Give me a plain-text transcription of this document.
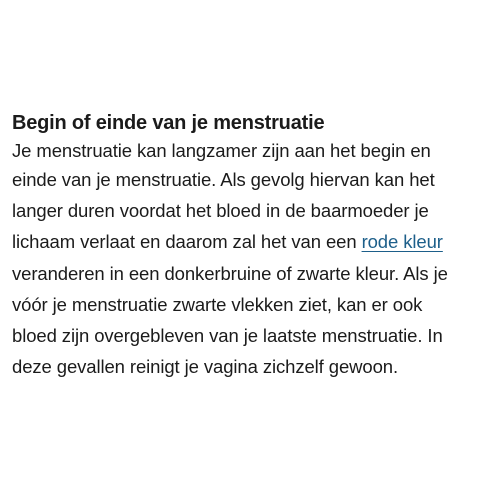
Begin of einde van je menstruatie

Je menstruatie kan langzamer zijn aan het begin en
einde van je menstruatie. Als gevolg hiervan kan het
langer duren voordat het bloed in de baarmoeder je
lichaam verlaat en daarom zal het van een rode kleur
veranderen in een donkerbruine of zwarte kleur. Als je
vóór je menstruatie zwarte vlekken ziet, kan er ook
bloed zijn overgebleven van je laatste menstruatie. In
deze gevallen reinigt je vagina zichzelf gewoon.
